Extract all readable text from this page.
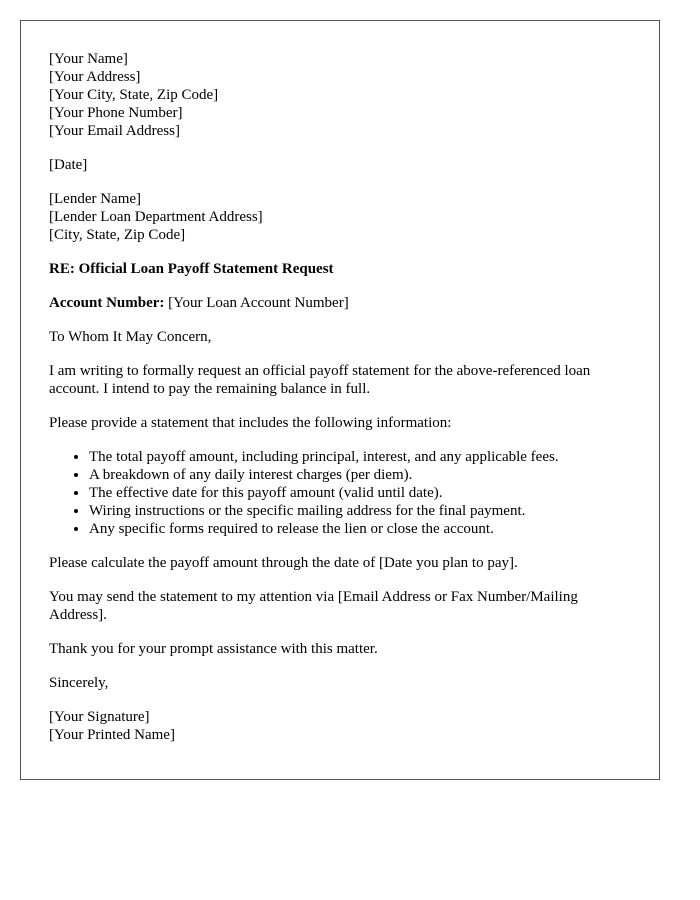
[Your Name]
[Your Address]
[Your City, State, Zip Code]
[Your Phone Number]
[Your Email Address]

[Date]

[Lender Name]
[Lender Loan Department Address]
[City, State, Zip Code]

RE: Official Loan Payoff Statement Request

Account Number: [Your Loan Account Number]

To Whom It May Concern,

I am writing to formally request an official payoff statement for the above-referenced loan account. I intend to pay the remaining balance in full.

Please provide a statement that includes the following information:

• The total payoff amount, including principal, interest, and any applicable fees.
• A breakdown of any daily interest charges (per diem).
• The effective date for this payoff amount (valid until date).
• Wiring instructions or the specific mailing address for the final payment.
• Any specific forms required to release the lien or close the account.

Please calculate the payoff amount through the date of [Date you plan to pay].

You may send the statement to my attention via [Email Address or Fax Number/Mailing Address].

Thank you for your prompt assistance with this matter.

Sincerely,

[Your Signature]
[Your Printed Name]
